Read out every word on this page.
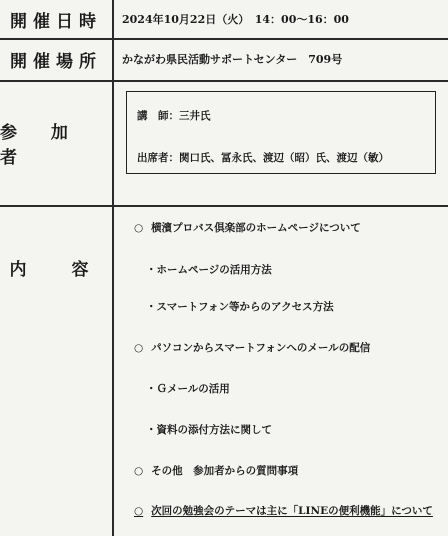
開催日時	2024年10月22日（火）　14：00〜16：00
開催場所	かながわ県民活動サポートセンター　709号
参 加 者
講　師：三井氏
出席者：関口氏、冨永氏、渡辺（昭）氏、渡辺（敏）
内　容
○ 横濱プロバス倶楽部のホームページについて
・ホームページの活用方法
・スマートフォン等からのアクセス方法
○ パソコンからスマートフォンへのメールの配信
・Ｇメールの活用
・資料の添付方法に関して
○ その他　参加者からの質問事項
○ 次回の勉強会のテーマは主に「LINEの便利機能」について
